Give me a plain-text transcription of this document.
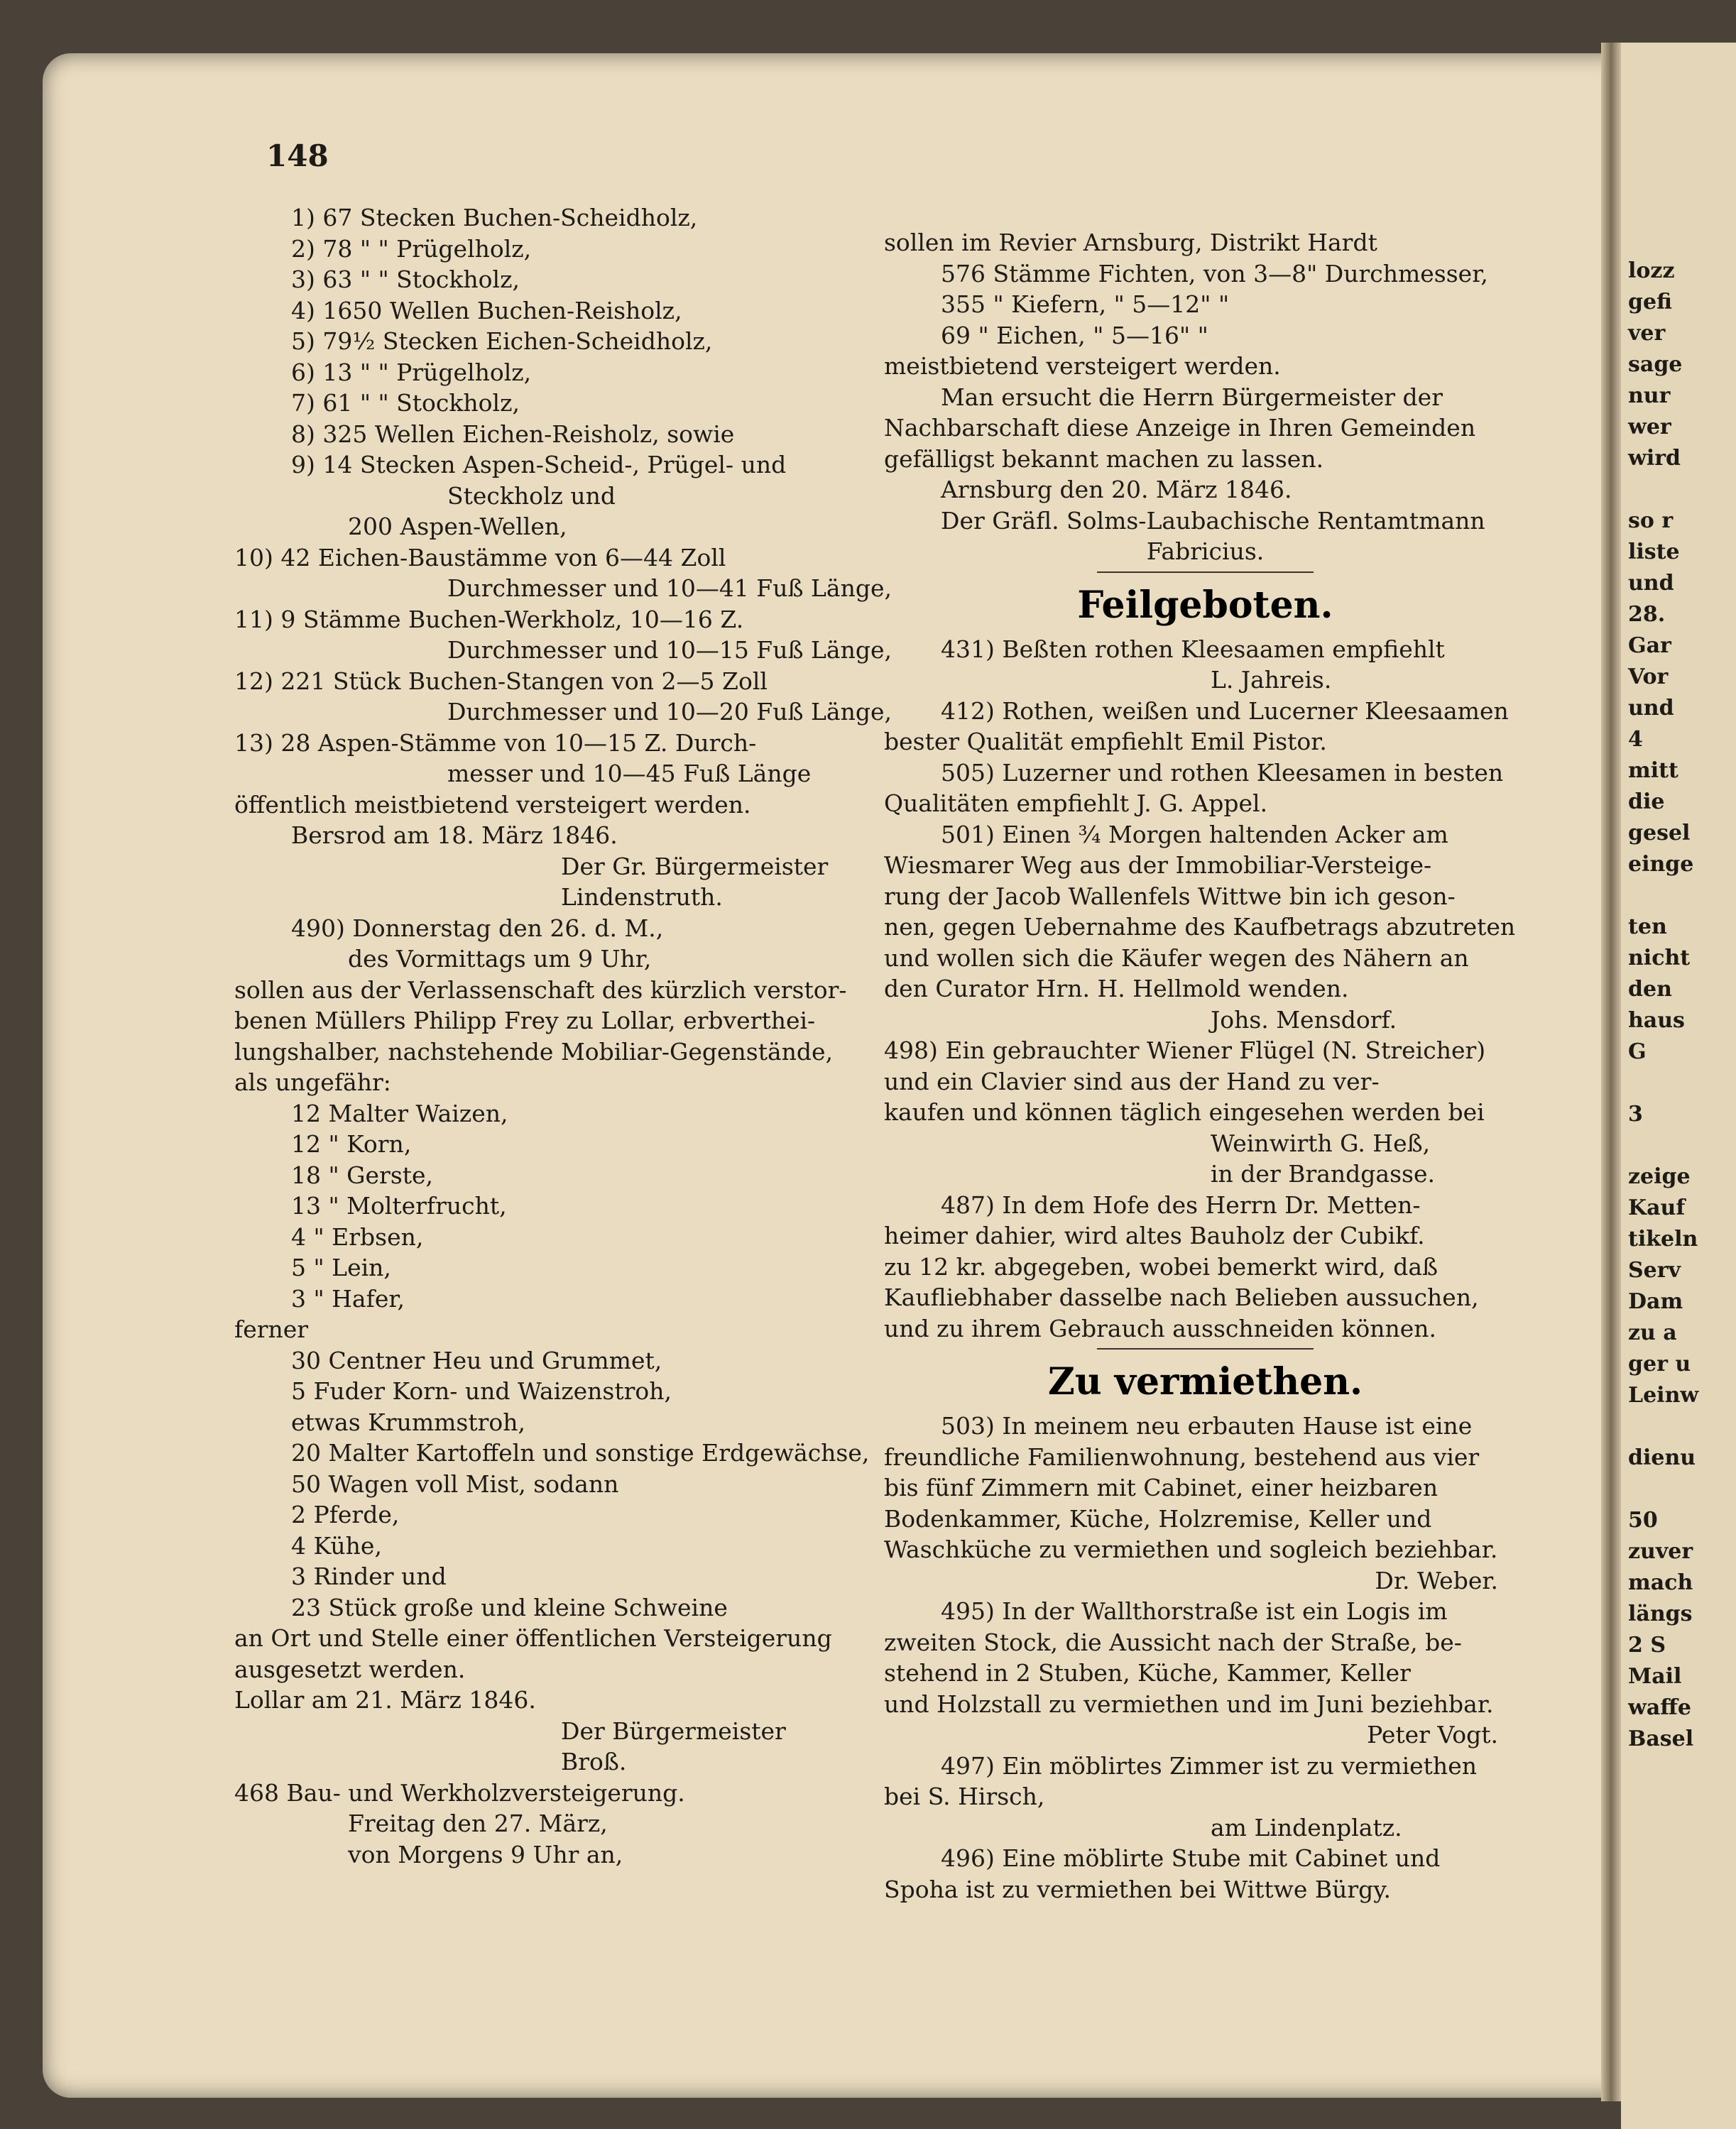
lozz
gefi
ver
sage
nur
wer
wird

so r
liste
und
28.
Gar
Vor
und
4
mitt
die
gesel
einge

ten
nicht
den
haus
G

3

zeige
Kauf
tikeln
Serv
Dam
zu a
ger u
Leinw

dienu

50
zuver
mach
längs
2 S
Mail
waffe
Basel
148
1) 67 Stecken Buchen-Scheidholz,
2) 78 " " Prügelholz,
3) 63 " " Stockholz,
4) 1650 Wellen Buchen-Reisholz,
5) 79½ Stecken Eichen-Scheidholz,
6) 13 " " Prügelholz,
7) 61 " " Stockholz,
8) 325 Wellen Eichen-Reisholz, sowie
9) 14 Stecken Aspen-Scheid-, Prügel- und
Steckholz und
200 Aspen-Wellen,
10) 42 Eichen-Baustämme von 6—44 Zoll
Durchmesser und 10—41 Fuß Länge,
11) 9 Stämme Buchen-Werkholz, 10—16 Z.
Durchmesser und 10—15 Fuß Länge,
12) 221 Stück Buchen-Stangen von 2—5 Zoll
Durchmesser und 10—20 Fuß Länge,
13) 28 Aspen-Stämme von 10—15 Z. Durch-
messer und 10—45 Fuß Länge
öffentlich meistbietend versteigert werden.
Bersrod am 18. März 1846.
Der Gr. Bürgermeister
Lindenstruth.
490) Donnerstag den 26. d. M.,
des Vormittags um 9 Uhr,
sollen aus der Verlassenschaft des kürzlich verstor-
benen Müllers Philipp Frey zu Lollar, erbverthei-
lungshalber, nachstehende Mobiliar-Gegenstände,
als ungefähr:
12 Malter Waizen,
12 " Korn,
18 " Gerste,
13 " Molterfrucht,
4 " Erbsen,
5 " Lein,
3 " Hafer,
ferner
30 Centner Heu und Grummet,
5 Fuder Korn- und Waizenstroh,
etwas Krummstroh,
20 Malter Kartoffeln und sonstige Erdgewächse,
50 Wagen voll Mist, sodann
2 Pferde,
4 Kühe,
3 Rinder und
23 Stück große und kleine Schweine
an Ort und Stelle einer öffentlichen Versteigerung
ausgesetzt werden.
Lollar am 21. März 1846.
Der Bürgermeister
Broß.
468 Bau- und Werkholzversteigerung.
Freitag den 27. März,
von Morgens 9 Uhr an,
sollen im Revier Arnsburg, Distrikt Hardt
576 Stämme Fichten, von 3—8" Durchmesser,
355 " Kiefern, " 5—12" "
69 " Eichen, " 5—16" "
meistbietend versteigert werden.
Man ersucht die Herrn Bürgermeister der
Nachbarschaft diese Anzeige in Ihren Gemeinden
gefälligst bekannt machen zu lassen.
Arnsburg den 20. März 1846.
Der Gräfl. Solms-Laubachische Rentamtmann
Fabricius.
Feilgeboten.
431) Beßten rothen Kleesaamen empfiehlt
L. Jahreis.
412) Rothen, weißen und Lucerner Kleesaamen
bester Qualität empfiehlt Emil Pistor.
505) Luzerner und rothen Kleesamen in besten
Qualitäten empfiehlt J. G. Appel.
501) Einen ¾ Morgen haltenden Acker am
Wiesmarer Weg aus der Immobiliar-Versteige-
rung der Jacob Wallenfels Wittwe bin ich geson-
nen, gegen Uebernahme des Kaufbetrags abzutreten
und wollen sich die Käufer wegen des Nähern an
den Curator Hrn. H. Hellmold wenden.
Johs. Mensdorf.
498) Ein gebrauchter Wiener Flügel (N. Streicher)
und ein Clavier sind aus der Hand zu ver-
kaufen und können täglich eingesehen werden bei
Weinwirth G. Heß,
in der Brandgasse.
487) In dem Hofe des Herrn Dr. Metten-
heimer dahier, wird altes Bauholz der Cubikf.
zu 12 kr. abgegeben, wobei bemerkt wird, daß
Kaufliebhaber dasselbe nach Belieben aussuchen,
und zu ihrem Gebrauch ausschneiden können.
Zu vermiethen.
503) In meinem neu erbauten Hause ist eine
freundliche Familienwohnung, bestehend aus vier
bis fünf Zimmern mit Cabinet, einer heizbaren
Bodenkammer, Küche, Holzremise, Keller und
Waschküche zu vermiethen und sogleich beziehbar.
Dr. Weber.
495) In der Wallthorstraße ist ein Logis im
zweiten Stock, die Aussicht nach der Straße, be-
stehend in 2 Stuben, Küche, Kammer, Keller
und Holzstall zu vermiethen und im Juni beziehbar.
Peter Vogt.
497) Ein möblirtes Zimmer ist zu vermiethen
bei S. Hirsch,
am Lindenplatz.
496) Eine möblirte Stube mit Cabinet und
Spoha ist zu vermiethen bei Wittwe Bürgy.
